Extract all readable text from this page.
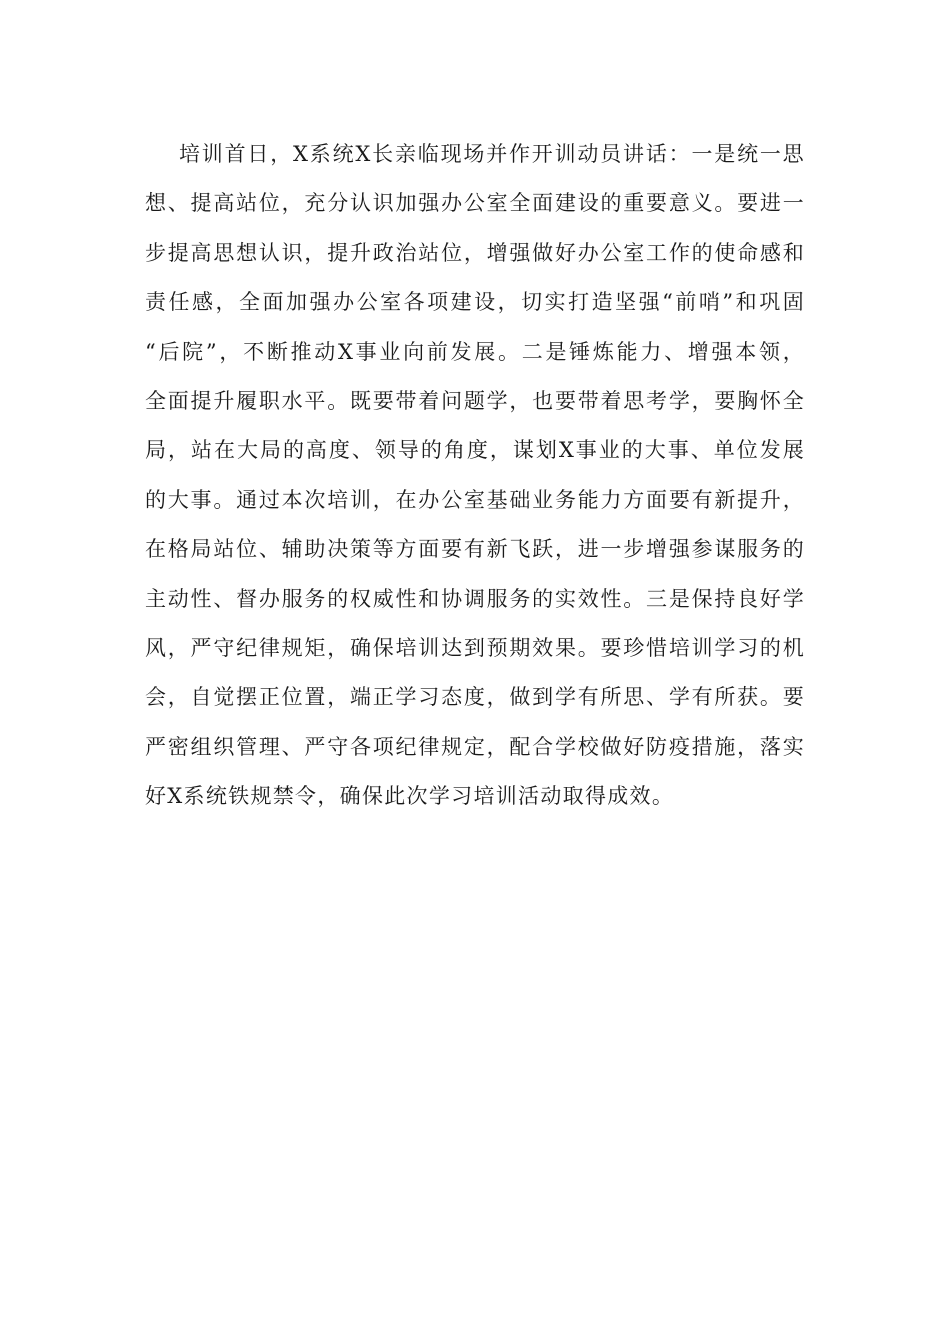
培训首日，X系统X长亲临现场并作开训动员讲话：一是统一思
想、提高站位，充分认识加强办公室全面建设的重要意义。要进一
步提高思想认识，提升政治站位，增强做好办公室工作的使命感和
责任感，全面加强办公室各项建设，切实打造坚强“前哨”和巩固
“后院”，不断推动X事业向前发展。二是锤炼能力、增强本领，
全面提升履职水平。既要带着问题学，也要带着思考学，要胸怀全
局，站在大局的高度、领导的角度，谋划X事业的大事、单位发展
的大事。通过本次培训，在办公室基础业务能力方面要有新提升，
在格局站位、辅助决策等方面要有新飞跃，进一步增强参谋服务的
主动性、督办服务的权威性和协调服务的实效性。三是保持良好学
风，严守纪律规矩，确保培训达到预期效果。要珍惜培训学习的机
会，自觉摆正位置，端正学习态度，做到学有所思、学有所获。要
严密组织管理、严守各项纪律规定，配合学校做好防疫措施，落实
好X系统铁规禁令，确保此次学习培训活动取得成效。
